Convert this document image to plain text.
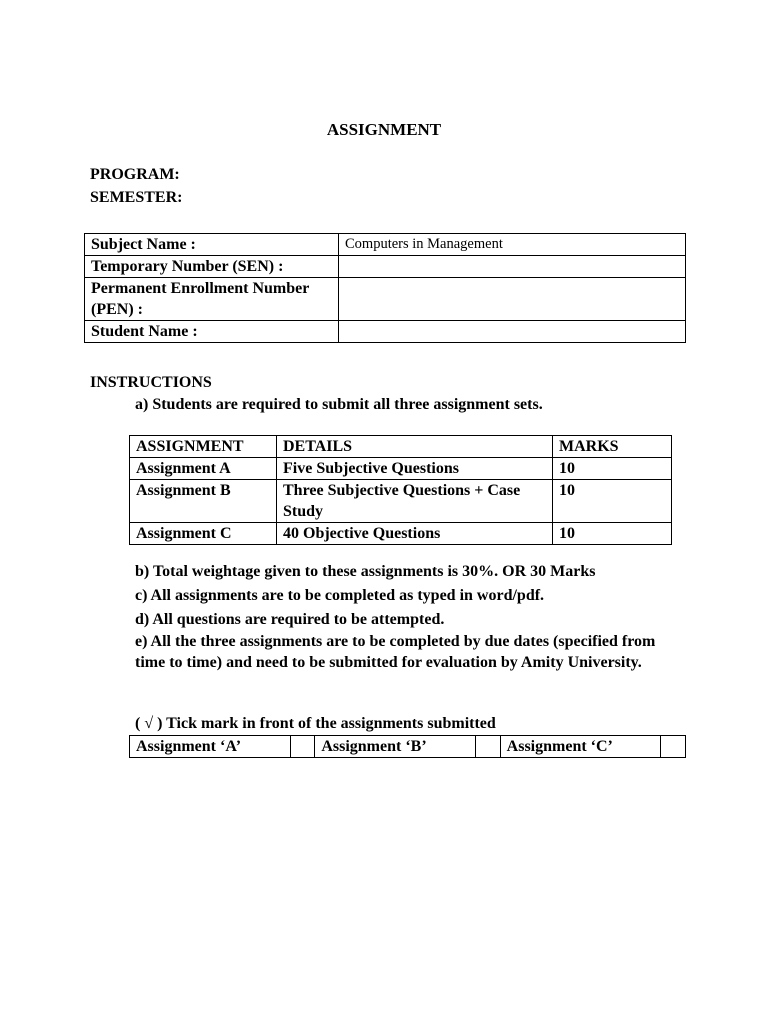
ASSIGNMENT
PROGRAM:
SEMESTER:
Subject Name :	Computers in Management
Temporary Number (SEN) :	
Permanent Enrollment Number (PEN) :	
Student Name :	
INSTRUCTIONS
a) Students are required to submit all three assignment sets.
ASSIGNMENT	DETAILS	MARKS
Assignment A	Five Subjective Questions	10
Assignment B	Three Subjective Questions + Case Study	10
Assignment C	40 Objective Questions	10
b) Total weightage given to these assignments is 30%. OR 30 Marks
c) All assignments are to be completed as typed in word/pdf.
d) All questions are required to be attempted.
e) All the three assignments are to be completed by due dates (specified from time to time) and need to be submitted for evaluation by Amity University.
( √ ) Tick mark in front of the assignments submitted
Assignment ‘A’		Assignment ‘B’		Assignment ‘C’	
